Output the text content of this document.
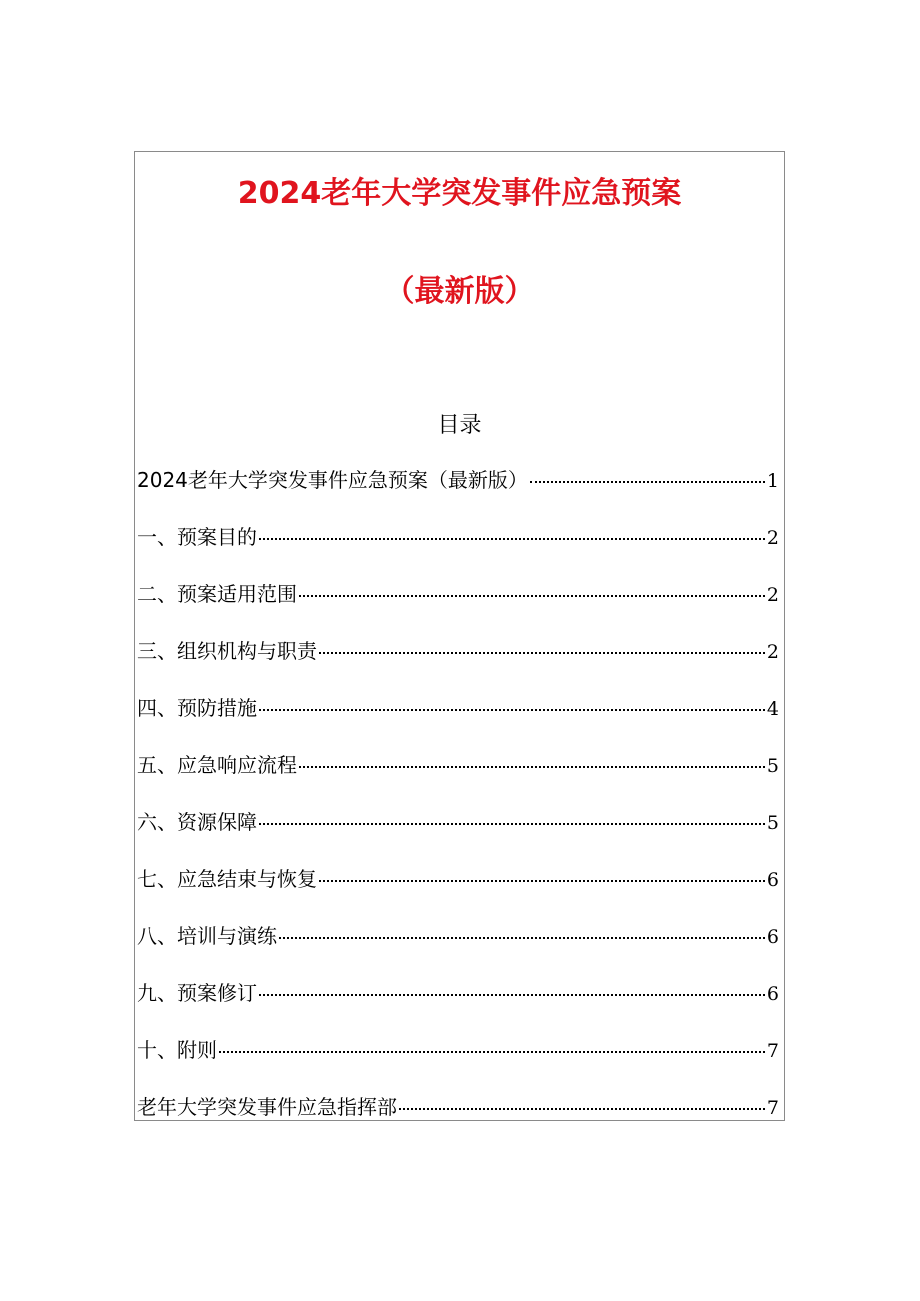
2024老年大学突发事件应急预案
（最新版）
目录
2024老年大学突发事件应急预案（最新版）	1
一、预案目的	2
二、预案适用范围	2
三、组织机构与职责	2
四、预防措施	4
五、应急响应流程	5
六、资源保障	5
七、应急结束与恢复	6
八、培训与演练	6
九、预案修订	6
十、附则	7
老年大学突发事件应急指挥部	7
